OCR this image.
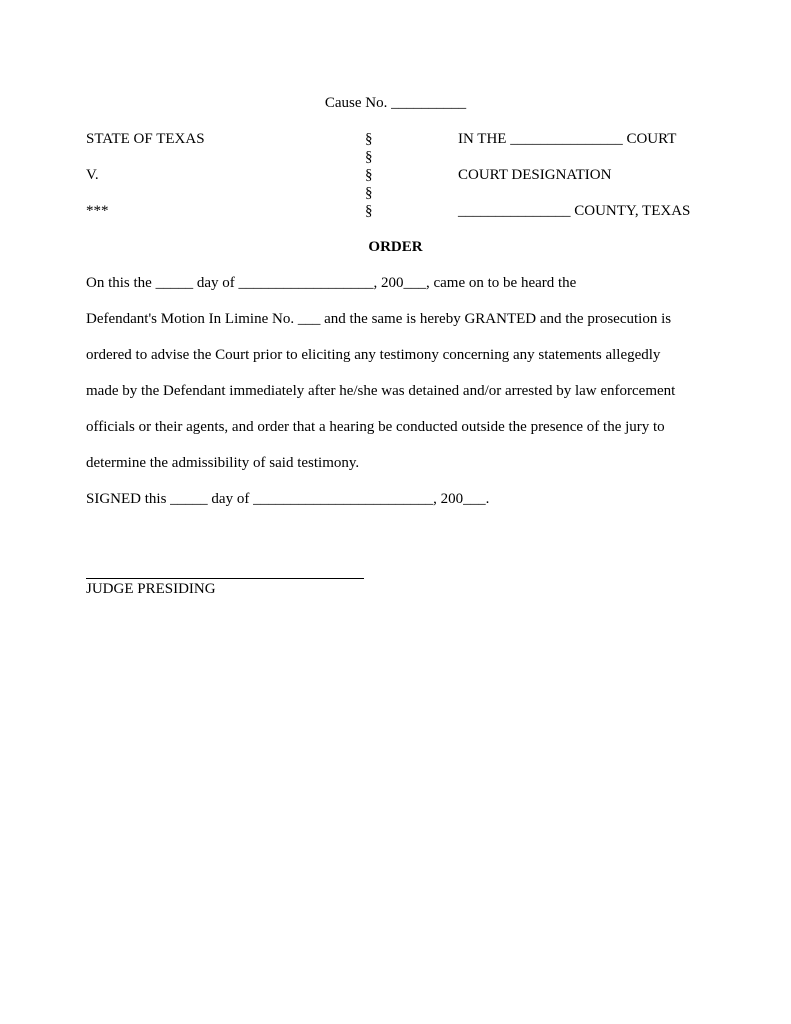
Cause No. __________
STATE OF TEXAS	§	IN THE _______________ COURT
§
V.	§	COURT DESIGNATION
§
***	§	_______________ COUNTY, TEXAS
ORDER
On this the _____ day of __________________, 200___, came on to be heard the
Defendant's Motion In Limine No. ___ and the same is hereby GRANTED and the prosecution is
ordered to advise the Court prior to eliciting any testimony concerning any statements allegedly
made by the Defendant immediately after he/she was detained and/or arrested by law enforcement
officials or their agents, and order that a hearing be conducted outside the presence of the jury to
determine the admissibility of said testimony.
SIGNED this _____ day of ________________________, 200___.
JUDGE PRESIDING
